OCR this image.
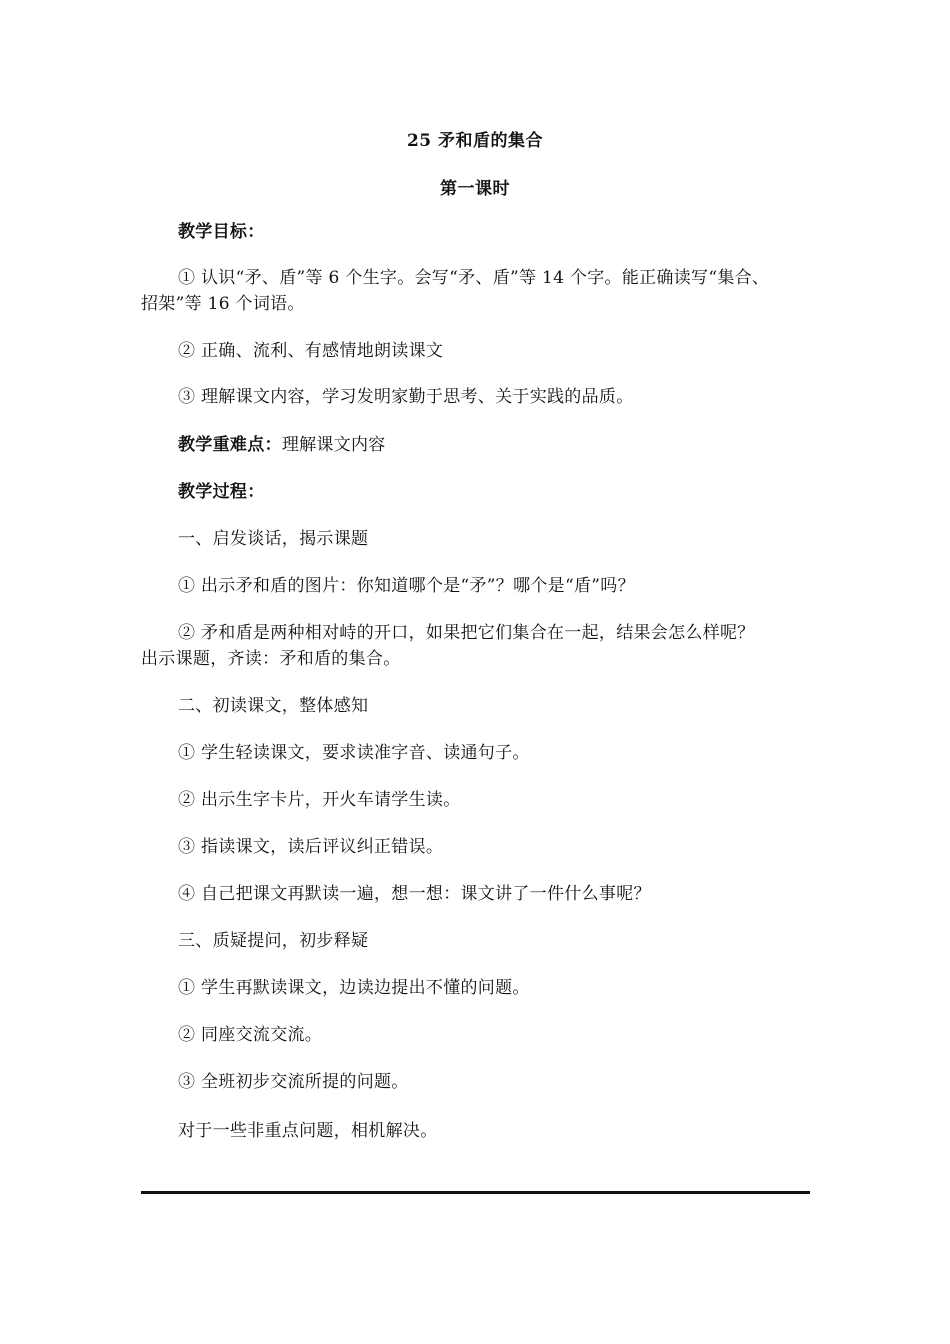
25 矛和盾的集合
第一课时
教学目标：
① 认识“矛、盾”等 6 个生字。会写“矛、盾”等 14 个字。能正确读写“集合、
招架”等 16 个词语。
② 正确、流利、有感情地朗读课文
③ 理解课文内容，学习发明家勤于思考、关于实践的品质。
教学重难点：理解课文内容
教学过程：
一、启发谈话，揭示课题
① 出示矛和盾的图片：你知道哪个是“矛”？哪个是“盾”吗？
② 矛和盾是两种相对峙的开口，如果把它们集合在一起，结果会怎么样呢？
出示课题，齐读：矛和盾的集合。
二、初读课文，整体感知
① 学生轻读课文，要求读准字音、读通句子。
② 出示生字卡片，开火车请学生读。
③ 指读课文，读后评议纠正错误。
④ 自己把课文再默读一遍，想一想：课文讲了一件什么事呢？
三、质疑提问，初步释疑
① 学生再默读课文，边读边提出不懂的问题。
② 同座交流交流。
③ 全班初步交流所提的问题。
对于一些非重点问题，相机解决。
